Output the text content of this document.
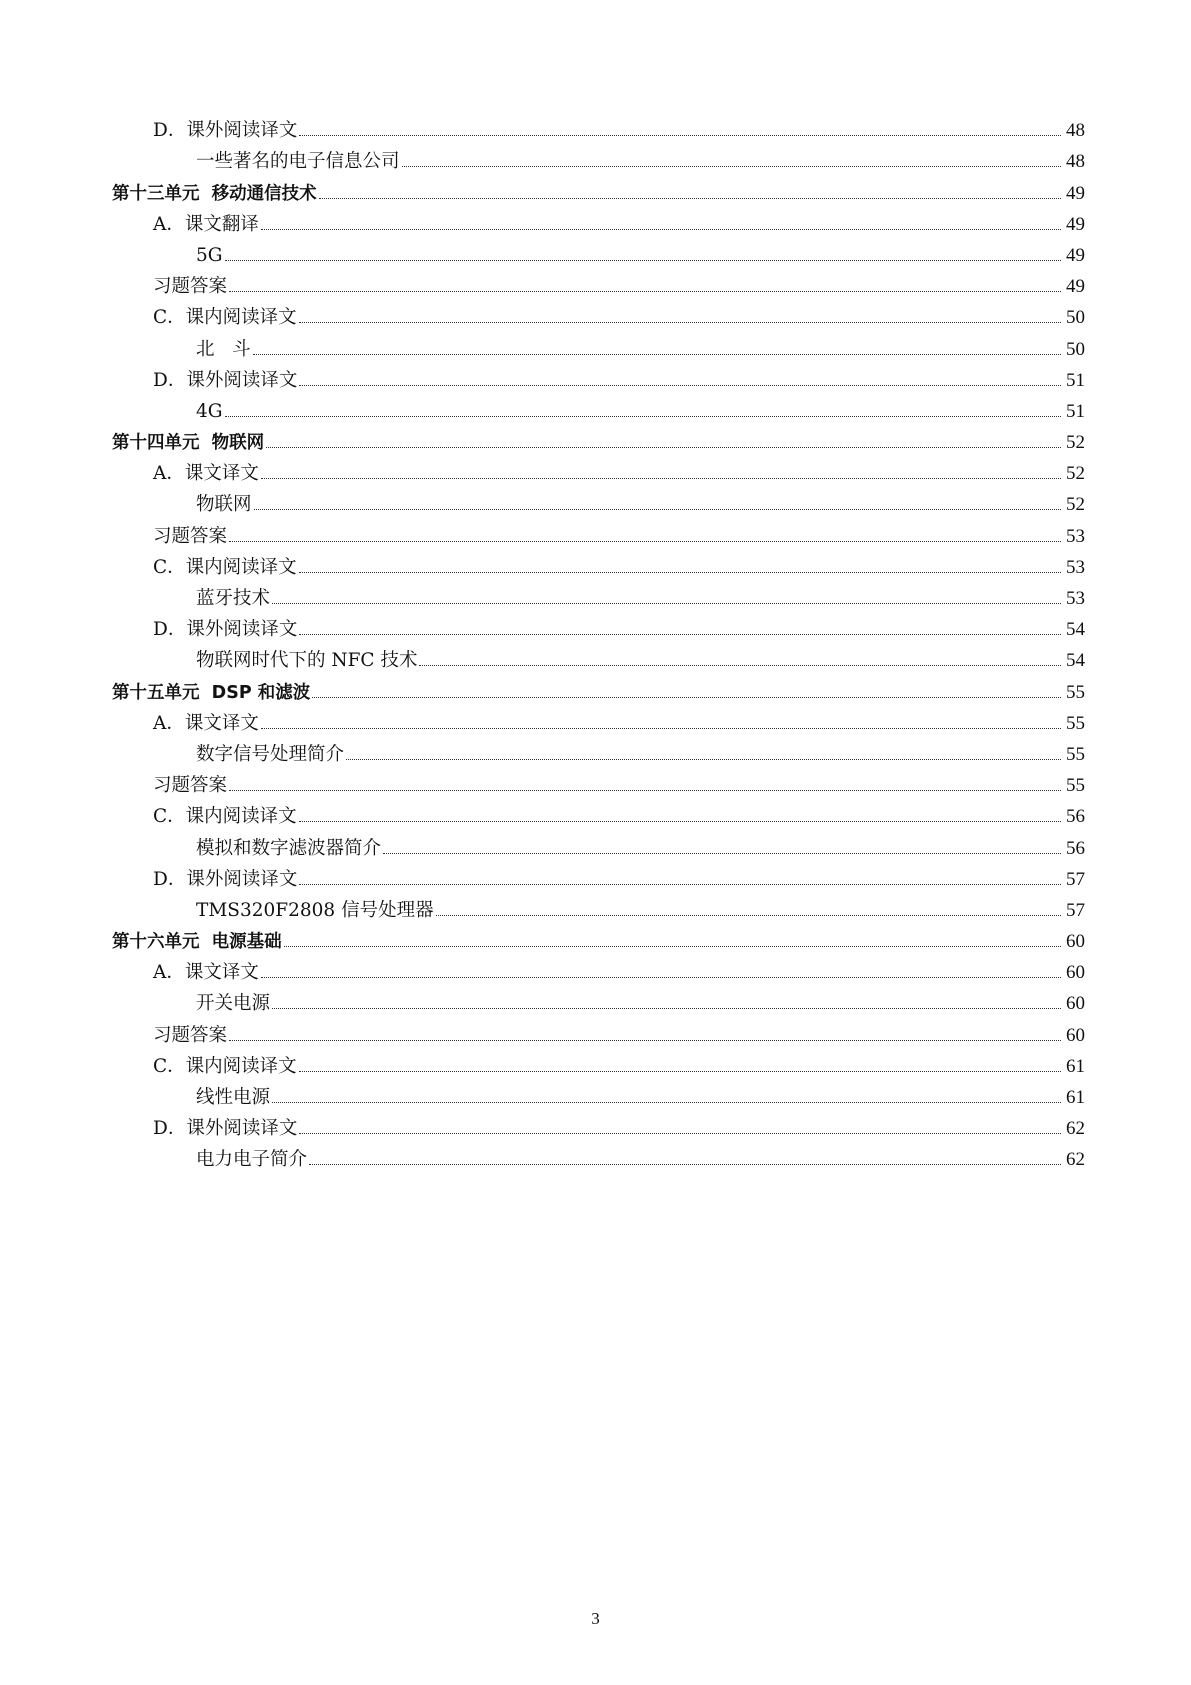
D．课外阅读译文	48
一些著名的电子信息公司	48
第十三单元  移动通信技术	49
A．课文翻译	49
5G	49
习题答案	49
C．课内阅读译文	50
北   斗	50
D．课外阅读译文	51
4G	51
第十四单元  物联网	52
A．课文译文	52
物联网	52
习题答案	53
C．课内阅读译文	53
蓝牙技术	53
D．课外阅读译文	54
物联网时代下的 NFC 技术	54
第十五单元  DSP 和滤波	55
A．课文译文	55
数字信号处理简介	55
习题答案	55
C．课内阅读译文	56
模拟和数字滤波器简介	56
D．课外阅读译文	57
TMS320F2808 信号处理器	57
第十六单元  电源基础	60
A．课文译文	60
开关电源	60
习题答案	60
C．课内阅读译文	61
线性电源	61
D．课外阅读译文	62
电力电子简介	62
3
